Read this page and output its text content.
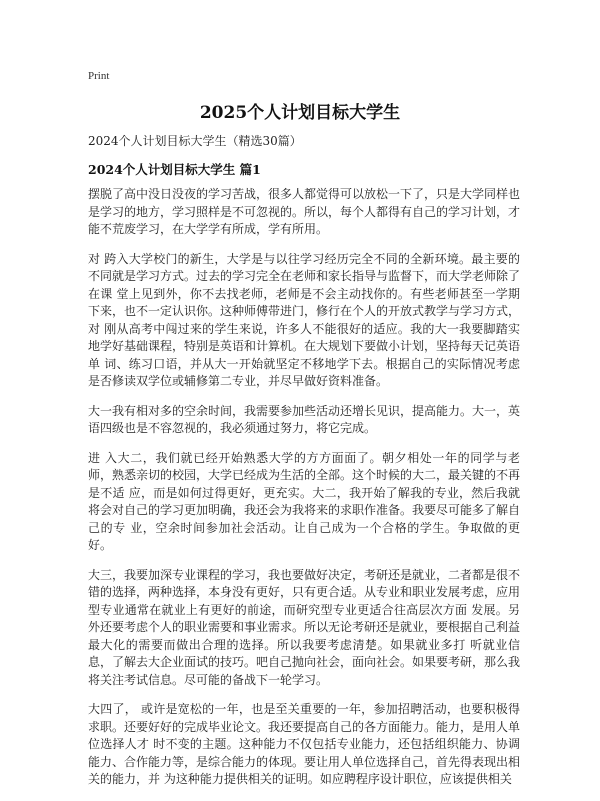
Print
2025个人计划目标大学生
2024个人计划目标大学生（精选30篇）
2024个人计划目标大学生 篇1

摆脱了高中没日没夜的学习苦战，很多人都觉得可以放松一下了，只是大学同样也是学习的地方，学习照样是不可忽视的。所以，每个人都得有自己的学习计划，才能不荒废学习，在大学学有所成，学有所用。

对 跨入大学校门的新生，大学是与以往学习经历完全不同的全新环境。最主要的不同就是学习方式。过去的学习完全在老师和家长指导与监督下，而大学老师除了在课 堂上见到外，你不去找老师，老师是不会主动找你的。有些老师甚至一学期下来，也不一定认识你。这种师傅带进门，修行在个人的开放式教学与学习方式，对 刚从高考中闯过来的学生来说，许多人不能很好的适应。我的大一我要脚踏实地学好基础课程，特别是英语和计算机。在大规划下要做小计划，坚持每天记英语单 词、练习口语，并从大一开始就坚定不移地学下去。根据自己的实际情况考虑是否修读双学位或辅修第二专业，并尽早做好资料准备。

大一我有相对多的空余时间，我需要参加些活动还增长见识，提高能力。大一，英语四级也是不容忽视的，我必须通过努力，将它完成。

进 入大二，我们就已经开始熟悉大学的方方面面了。朝夕相处一年的同学与老师，熟悉亲切的校园，大学已经成为生活的全部。这个时候的大二，最关键的不再是不适 应，而是如何过得更好，更充实。大二，我开始了解我的专业，然后我就将会对自己的学习更加明确，我还会为我将来的求职作准备。我要尽可能多了解自己的专 业，空余时间参加社会活动。让自己成为一个合格的学生。争取做的更好。

大三，我要加深专业课程的学习，我也要做好决定，考研还是就业，二者都是很不错的选择，两种选择，本身没有更好，只有更合适。从专业和职业发展考虑，应用型专业通常在就业上有更好的前途，而研究型专业更适合往高层次方面 发展。另外还要考虑个人的职业需要和事业需求。所以无论考研还是就业，要根据自己利益最大化的需要而做出合理的选择。所以我要考虑清楚。如果就业多打 听就业信息，了解去大企业面试的技巧。吧自己抛向社会，面向社会。如果要考研，那么我将关注考试信息。尽可能的备战下一轮学习。

大四了， 或许是宽松的一年，也是至关重要的一年，参加招聘活动，也要积极得求职。还要好好的完成毕业论文。我还要提高自己的各方面能力。能力，是用人单位选择人才 时不变的主题。这种能力不仅包括专业能力，还包括组织能力、协调能力、合作能力等，是综合能力的体现。要让用人单位选择自己，首先得表现出相关的能力，并 为这种能力提供相关的证明。如应聘程序设计职位，应该提供相关
